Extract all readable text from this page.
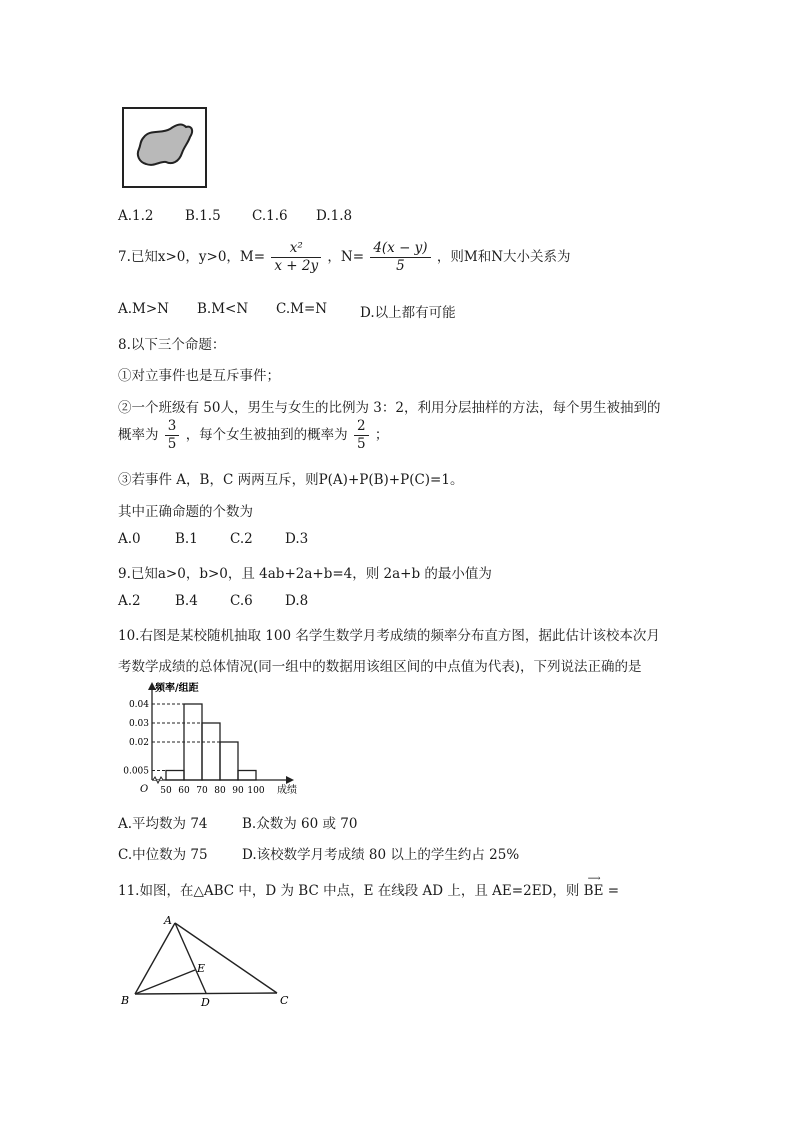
A.1.2 B.1.5 C.1.6 D.1.8
7.已知x>0，y>0，$M= \frac{\text{x²}}{x + 2y}$ ，$N= \frac{4(x - y)}{5}$ ，则M和N大小关系为
A.M>N B.M<N C.M=N D.以上都有可能
8.以下三个命题：
①对立事件也是互斥事件；
②一个班级有 50人，男生与女生的比例为 3：2，利用分层抽样的方法，每个男生被抽到的
概率为 $\frac{3}{5}$ ，每个女生被抽到的概率为 $\frac{2}{5}$ ；
③若事件 A，B，C 两两互斥，则P(A)+P(B)+P(C)=1。
其中正确命题的个数为
A.0	B.1 C.2 D.3
9.已知a>0，b>0，且 4ab+2a+b=4，则 2a+b 的最小值为
A.2	B.4 C.6 D.8
10.右图是某校随机抽取 100 名学生数学月考成绩的频率分布直方图，据此估计该校本次月
考数学成绩的总体情况(同一组中的数据用该组区间的中点值为代表)，下列说法正确的是
0.005
0.02
0.03
0.04
50 60 70 80 90 100
频率/组距
成绩
O
A.平均数为 74	B.众数为 60 或 70
C.中位数为 75	D.该校数学月考成绩 80 以上的学生约占 25%
11.如图，在△ABC 中，D 为 BC 中点，E 在线段 AD 上，且 AE=2ED，则
⟶
BE =
A
B	C
D
E
